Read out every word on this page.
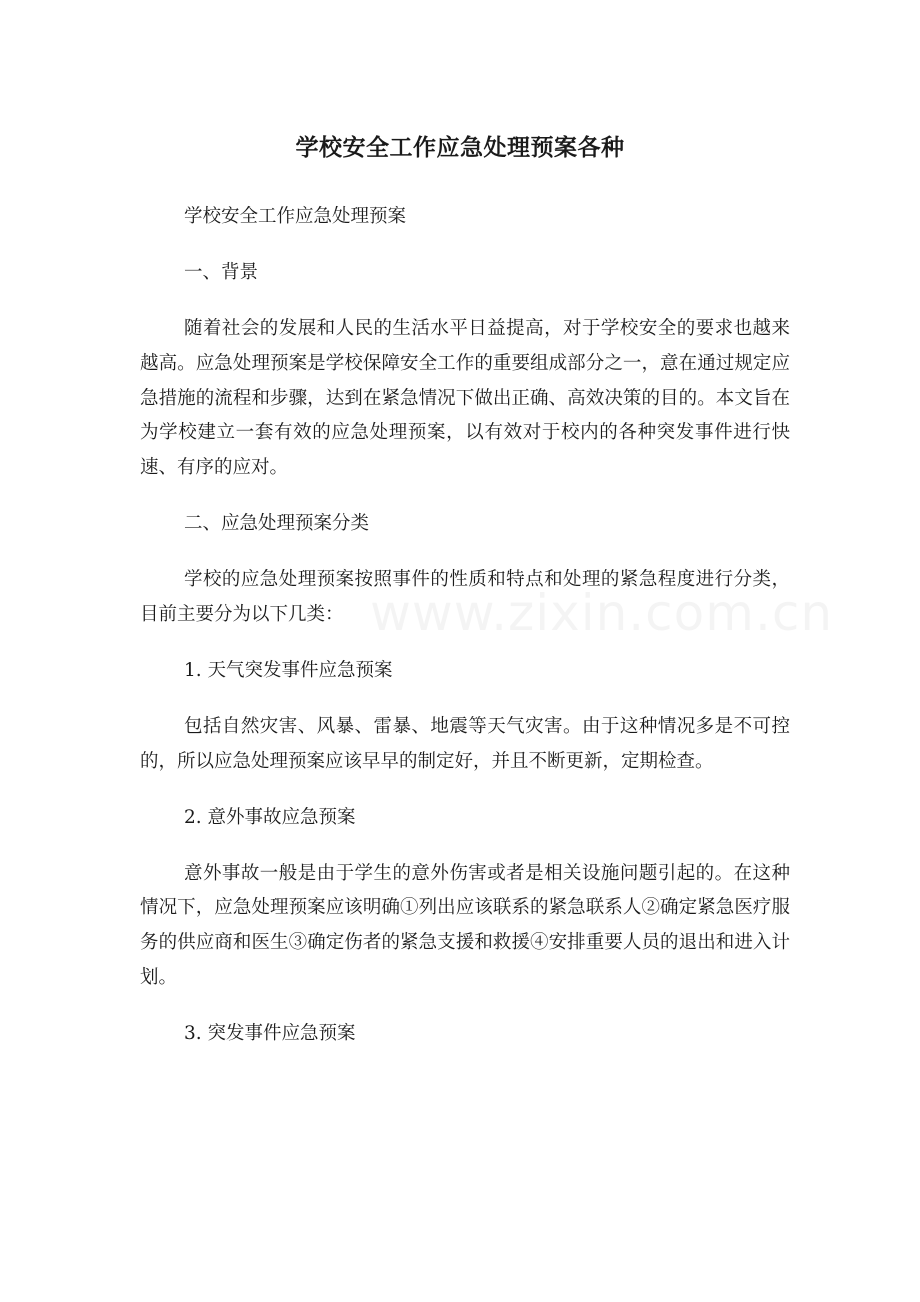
学校安全工作应急处理预案各种

学校安全工作应急处理预案

一、背景

随着社会的发展和人民的生活水平日益提高，对于学校安全的要求也越来越高。应急处理预案是学校保障安全工作的重要组成部分之一，意在通过规定应急措施的流程和步骤，达到在紧急情况下做出正确、高效决策的目的。本文旨在为学校建立一套有效的应急处理预案，以有效对于校内的各种突发事件进行快速、有序的应对。

二、应急处理预案分类

学校的应急处理预案按照事件的性质和特点和处理的紧急程度进行分类，目前主要分为以下几类：

1. 天气突发事件应急预案

包括自然灾害、风暴、雷暴、地震等天气灾害。由于这种情况多是不可控的，所以应急处理预案应该早早的制定好，并且不断更新，定期检查。

2. 意外事故应急预案

意外事故一般是由于学生的意外伤害或者是相关设施问题引起的。在这种情况下，应急处理预案应该明确①列出应该联系的紧急联系人②确定紧急医疗服务的供应商和医生③确定伤者的紧急支援和救援④安排重要人员的退出和进入计划。

3. 突发事件应急预案
